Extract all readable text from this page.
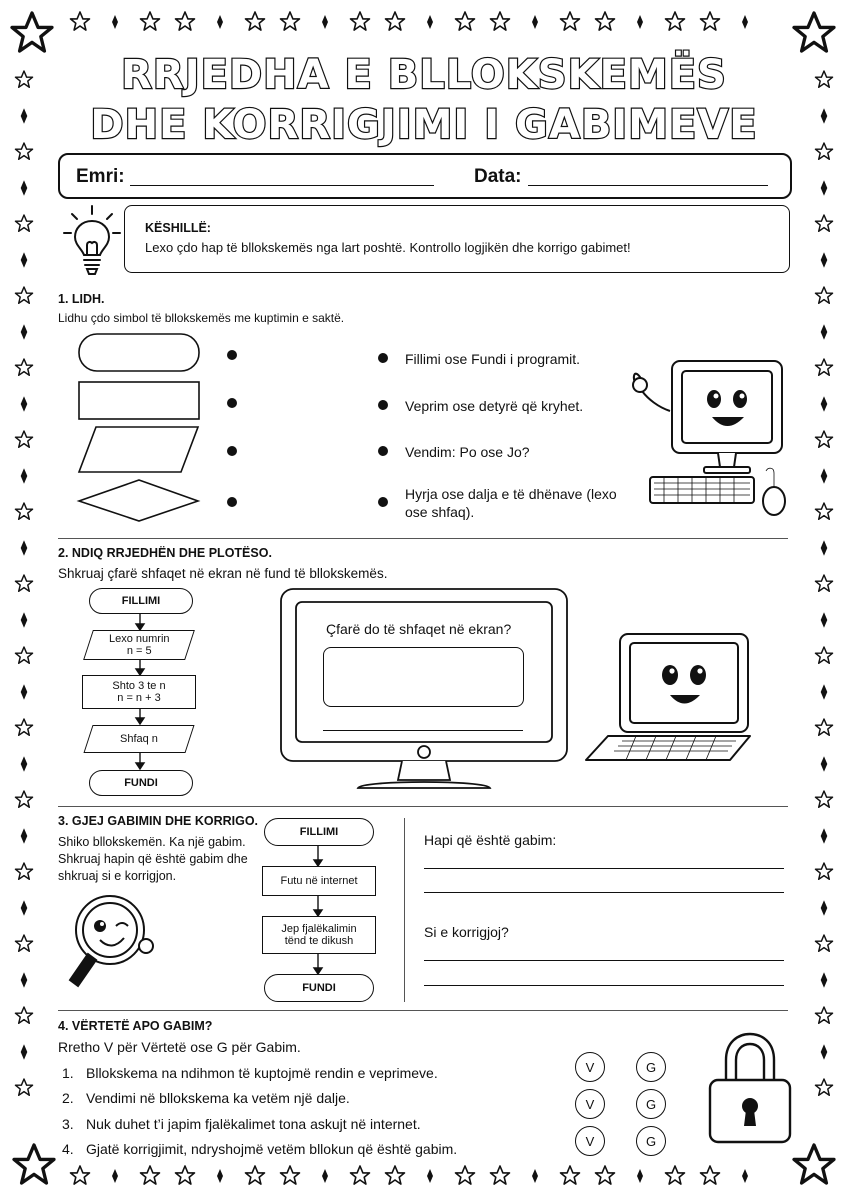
RRJEDHA E BLLOKSKEMËS
DHE KORRIGJIMI I GABIMEVE
Emri:	Data:
KËSHILLË:
Lexo çdo hap të bllokskemës nga lart poshtë. Kontrollo logjikën dhe korrigo gabimet!
1. LIDH.
Lidhu çdo simbol të bllokskemës me kuptimin e saktë.
Fillimi ose Fundi i programit.
Veprim ose detyrë që kryhet.
Vendim: Po ose Jo?
Hyrja ose dalja e të dhënave (lexo ose shfaq).
2. NDIQ RRJEDHËN DHE PLOTËSO.
Shkruaj çfarë shfaqet në ekran në fund të bllokskemës.
FILLIMI
Lexo numrin
n = 5
Shto 3 te n
n = n + 3
Shfaq n
FUNDI
Çfarë do të shfaqet në ekran?
3. GJEJ GABIMIN DHE KORRIGO.
Shiko bllokskemën. Ka një gabim.
Shkruaj hapin që është gabim dhe
shkruaj si e korrigjon.
FILLIMI
Futu në internet
Jep fjalëkalimin
tënd te dikush
FUNDI
Hapi që është gabim:
Si e korrigjoj?
4. VËRTETË APO GABIM?
Rretho V për Vërtetë ose G për Gabim.
1. Bllokskema na ndihmon të kuptojmë rendin e veprimeve.
2. Vendimi në bllokskema ka vetëm një dalje.
3. Nuk duhet t’i japim fjalëkalimet tona askujt në internet.
4. Gjatë korrigjimit, ndryshojmë vetëm bllokun që është gabim.
V	G
V	G
V	G
